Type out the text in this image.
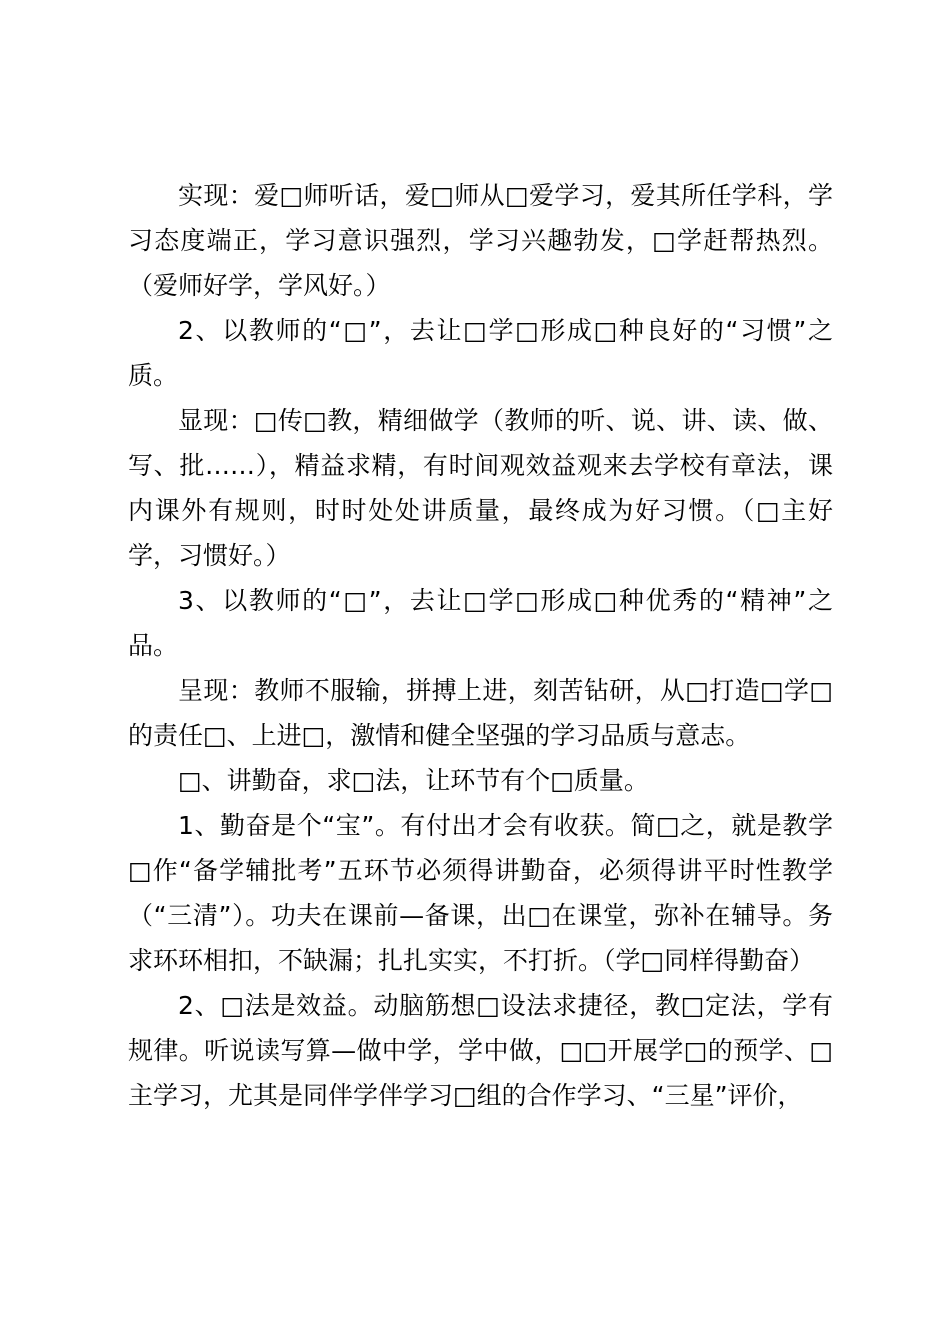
实现：爱□师听话，爱□师从□爱学习，爱其所任学科，学习态度端正，学习意识强烈，学习兴趣勃发，□学赶帮热烈。（爱师好学，学风好。）

2、以教师的“□”，去让□学□形成□种良好的“习惯”之质。

显现：□传□教，精细做学（教师的听、说、讲、读、做、写、批……），精益求精，有时间观效益观来去学校有章法，课内课外有规则，时时处处讲质量，最终成为好习惯。（□主好学，习惯好。）

3、以教师的“□”，去让□学□形成□种优秀的“精神”之品。

呈现：教师不服输，拼搏上进，刻苦钻研，从□打造□学□的责任□、上进□，激情和健全坚强的学习品质与意志。

□、讲勤奋，求□法，让环节有个□质量。

1、勤奋是个“宝”。有付出才会有收获。简□之，就是教学□作“备学辅批考”五环节必须得讲勤奋，必须得讲平时性教学（“三清”）。功夫在课前—备课，出□在课堂，弥补在辅导。务求环环相扣，不缺漏；扎扎实实，不打折。（学□同样得勤奋）

2、□法是效益。动脑筋想□设法求捷径，教□定法，学有规律。听说读写算—做中学，学中做，□□开展学□的预学、□主学习，尤其是同伴学伴学习□组的合作学习、“三星”评价，
